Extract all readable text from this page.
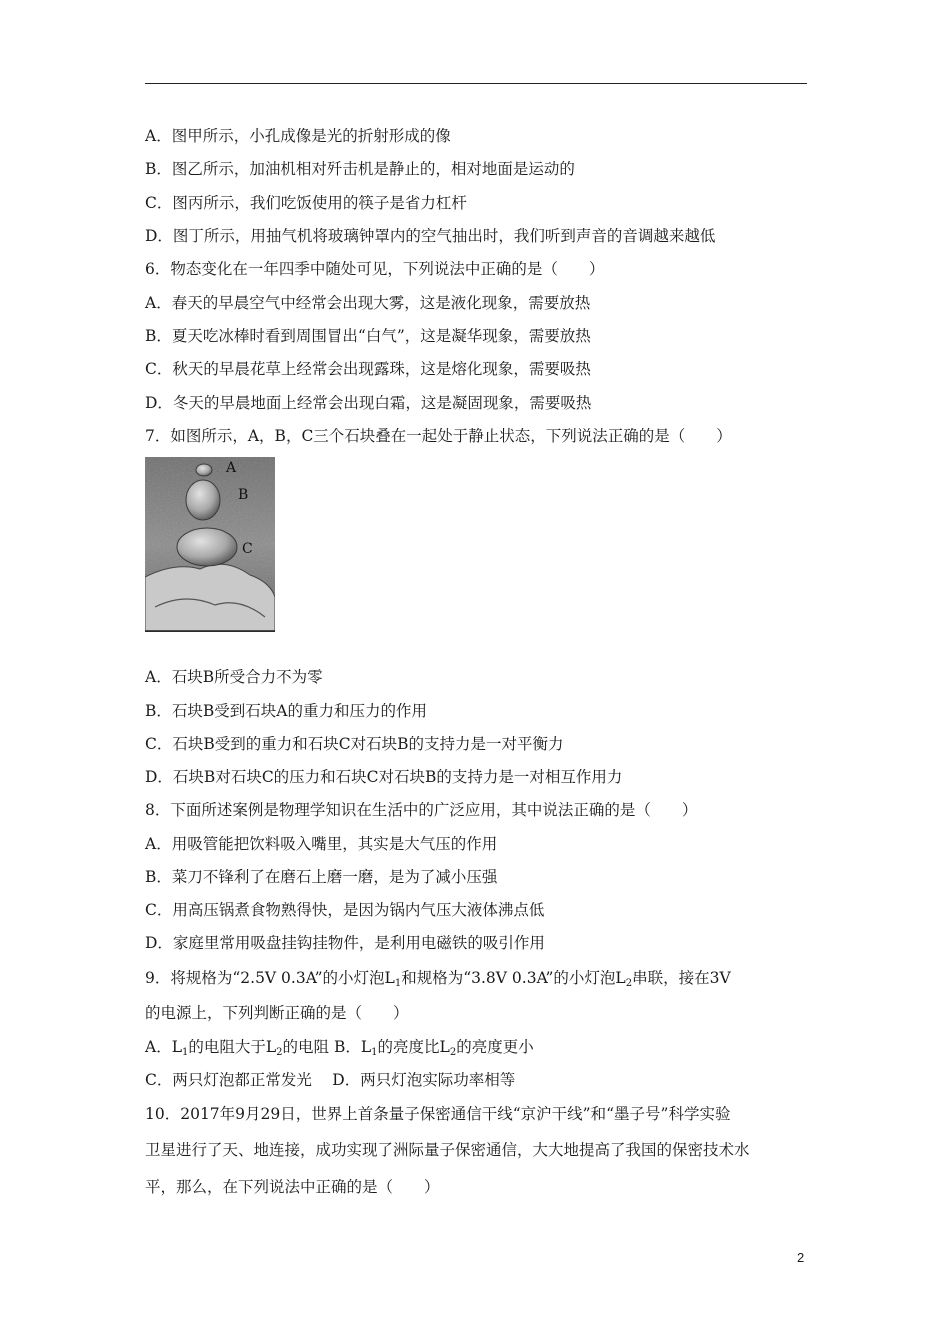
A．图甲所示，小孔成像是光的折射形成的像
B．图乙所示，加油机相对歼击机是静止的，相对地面是运动的
C．图丙所示，我们吃饭使用的筷子是省力杠杆
D．图丁所示，用抽气机将玻璃钟罩内的空气抽出时，我们听到声音的音调越来越低
6．物态变化在一年四季中随处可见，下列说法中正确的是（　　）
A．春天的早晨空气中经常会出现大雾，这是液化现象，需要放热
B．夏天吃冰棒时看到周围冒出“白气”，这是凝华现象，需要放热
C．秋天的早晨花草上经常会出现露珠，这是熔化现象，需要吸热
D．冬天的早晨地面上经常会出现白霜，这是凝固现象，需要吸热
7．如图所示，A，B，C三个石块叠在一起处于静止状态，下列说法正确的是（　　）
A
B
C
A．石块B所受合力不为零
B．石块B受到石块A的重力和压力的作用
C．石块B受到的重力和石块C对石块B的支持力是一对平衡力
D．石块B对石块C的压力和石块C对石块B的支持力是一对相互作用力
8．下面所述案例是物理学知识在生活中的广泛应用，其中说法正确的是（　　）
A．用吸管能把饮料吸入嘴里，其实是大气压的作用
B．菜刀不锋利了在磨石上磨一磨，是为了减小压强
C．用高压锅煮食物熟得快，是因为锅内气压大液体沸点低
D．家庭里常用吸盘挂钩挂物件，是利用电磁铁的吸引作用
9．将规格为“2.5V 0.3A”的小灯泡$L_1$和规格为“3.8V 0.3A”的小灯泡$L_2$串联，接在3V
的电源上，下列判断正确的是（　　）
A．$L_1$的电阻大于$L_2$的电阻 B．$L_1$的亮度比$L_2$的亮度更小
C．两只灯泡都正常发光　 D．两只灯泡实际功率相等
10．2017年9月29日，世界上首条量子保密通信干线“京沪干线”和“墨子号”科学实验
卫星进行了天、地连接，成功实现了洲际量子保密通信，大大地提高了我国的保密技术水
平，那么，在下列说法中正确的是（　　）
2
